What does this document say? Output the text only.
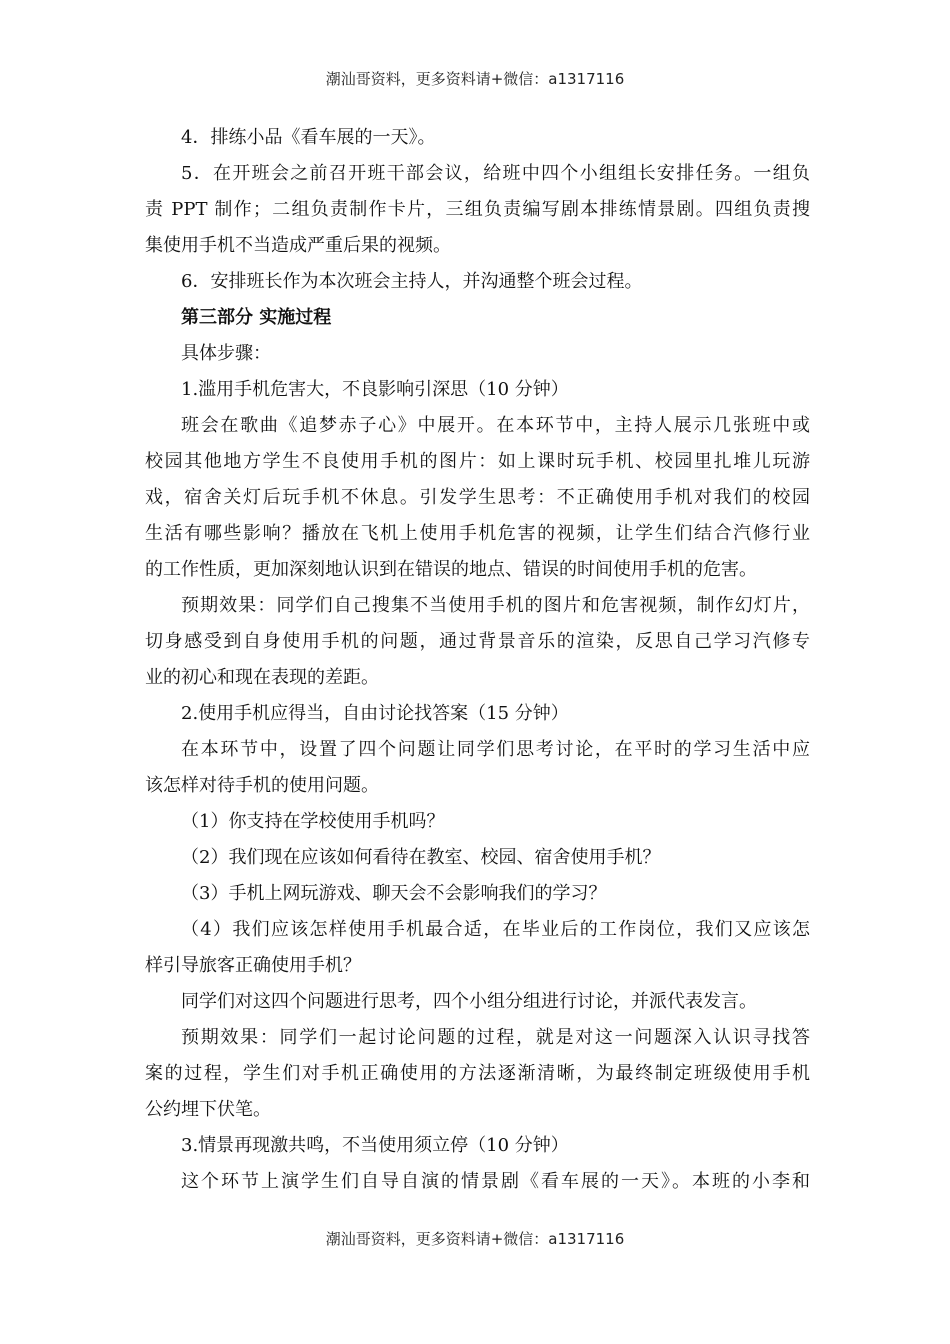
潮汕哥资料，更多资料请+微信：a1317116
4．排练小品《看车展的一天》。
5．在开班会之前召开班干部会议，给班中四个小组组长安排任务。一组负
责 PPT 制作；二组负责制作卡片，三组负责编写剧本排练情景剧。四组负责搜
集使用手机不当造成严重后果的视频。
6．安排班长作为本次班会主持人，并沟通整个班会过程。
第三部分 实施过程
具体步骤：
1.滥用手机危害大，不良影响引深思（10 分钟）
班会在歌曲《追梦赤子心》中展开。在本环节中，主持人展示几张班中或
校园其他地方学生不良使用手机的图片：如上课时玩手机、校园里扎堆儿玩游
戏，宿舍关灯后玩手机不休息。引发学生思考：不正确使用手机对我们的校园
生活有哪些影响？播放在飞机上使用手机危害的视频，让学生们结合汽修行业
的工作性质，更加深刻地认识到在错误的地点、错误的时间使用手机的危害。
预期效果：同学们自己搜集不当使用手机的图片和危害视频，制作幻灯片，
切身感受到自身使用手机的问题，通过背景音乐的渲染，反思自己学习汽修专
业的初心和现在表现的差距。
2.使用手机应得当，自由讨论找答案（15 分钟）
在本环节中，设置了四个问题让同学们思考讨论，在平时的学习生活中应
该怎样对待手机的使用问题。
（1）你支持在学校使用手机吗？
（2）我们现在应该如何看待在教室、校园、宿舍使用手机？
（3）手机上网玩游戏、聊天会不会影响我们的学习？
（4）我们应该怎样使用手机最合适，在毕业后的工作岗位，我们又应该怎
样引导旅客正确使用手机？
同学们对这四个问题进行思考，四个小组分组进行讨论，并派代表发言。
预期效果：同学们一起讨论问题的过程，就是对这一问题深入认识寻找答
案的过程，学生们对手机正确使用的方法逐渐清晰，为最终制定班级使用手机
公约埋下伏笔。
3.情景再现激共鸣，不当使用须立停（10 分钟）
这个环节上演学生们自导自演的情景剧《看车展的一天》。本班的小李和
潮汕哥资料，更多资料请+微信：a1317116
